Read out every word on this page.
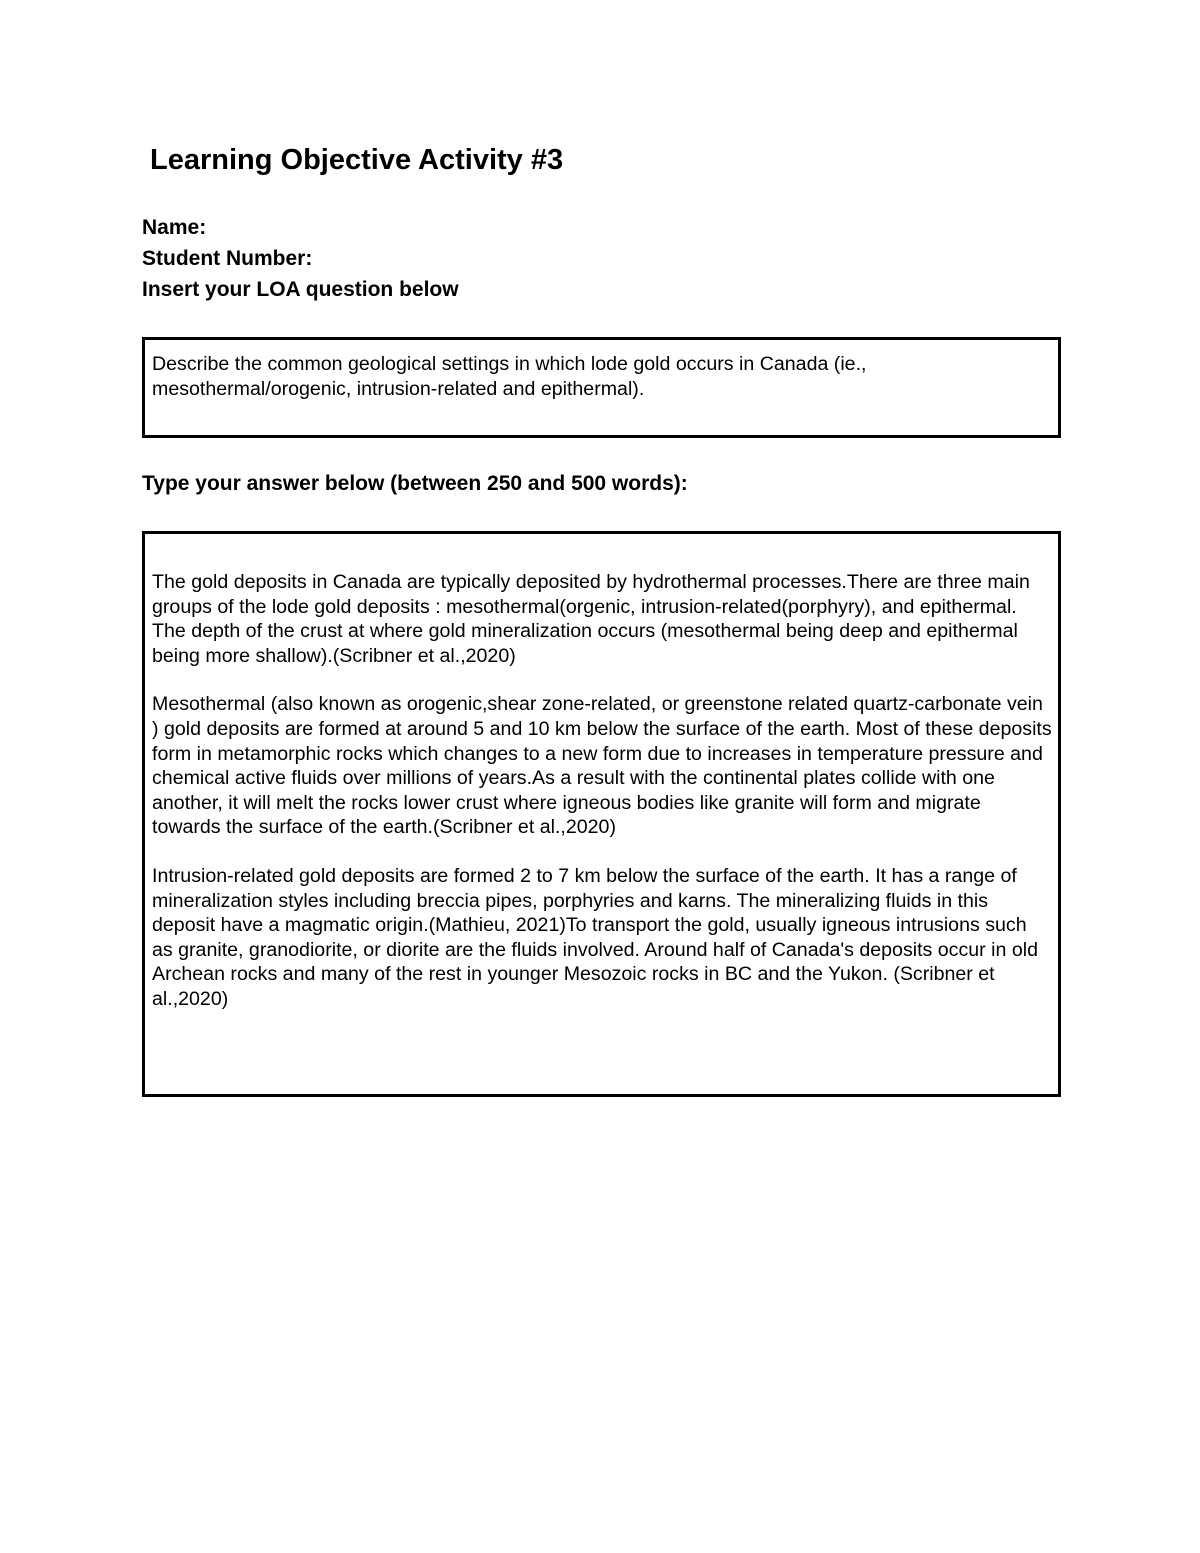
Learning Objective Activity #3

Name:

Student Number:

Insert your LOA question below

Describe the common geological settings in which lode gold occurs in Canada (ie., mesothermal/orogenic, intrusion-related and epithermal).

Type your answer below (between 250 and 500 words):

The gold deposits in Canada are typically deposited by hydrothermal processes.There are three main groups of the lode gold deposits : mesothermal(orgenic, intrusion-related(porphyry), and epithermal. The depth of the crust at where gold mineralization occurs (mesothermal being deep and epithermal being more shallow).(Scribner et al.,2020)

Mesothermal (also known as orogenic,shear zone-related, or greenstone related quartz-carbonate vein ) gold deposits are formed at around 5 and 10 km below the surface of the earth. Most of these deposits form in metamorphic rocks which changes to a new form due to increases in temperature pressure and chemical active fluids over millions of years.As a result with the continental plates collide with one another, it will melt the rocks lower crust where igneous bodies like granite will form and migrate towards the surface of the earth.(Scribner et al.,2020)

Intrusion-related gold deposits are formed 2 to 7 km below the surface of the earth. It has a range of mineralization styles including breccia pipes, porphyries and karns. The mineralizing fluids in this deposit have a magmatic origin.(Mathieu, 2021)To transport the gold, usually igneous intrusions such as granite, granodiorite, or diorite are the fluids involved. Around half of Canada's deposits occur in old Archean rocks and many of the rest in younger Mesozoic rocks in BC and the Yukon. (Scribner et al.,2020)
